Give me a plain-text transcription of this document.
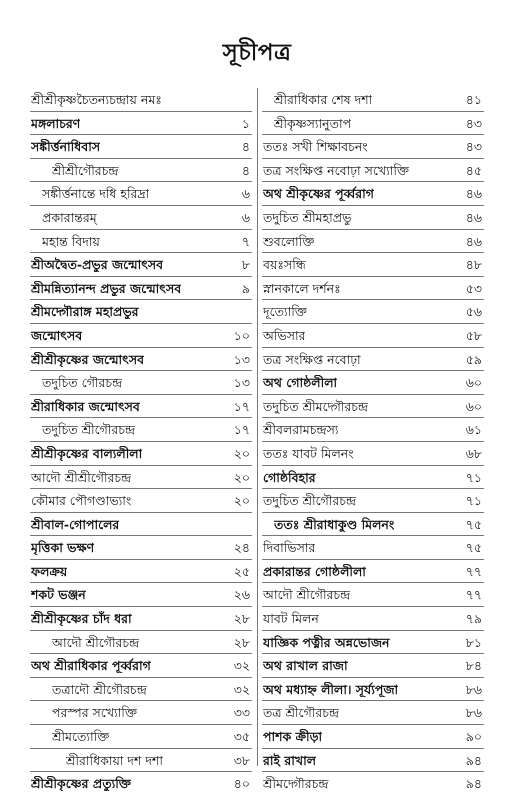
সূচীপত্র
শ্রীশ্রীকৃষ্ণচৈতন্যচন্দ্রায় নমঃ
মঙ্গলাচরণ	১
সঙ্কীর্ত্তনাধিবাস	৪
শ্রীশ্রীগৌরচন্দ্র	৪
সঙ্কীর্ত্তনান্তে দধি হরিদ্রা	৬
প্রকারান্তরম্	৬
মহান্ত বিদায়	৭
শ্রীঅদ্বৈত-প্রভুর জন্মোৎসব	৮
শ্রীমন্নিত্যানন্দ প্রভুর জন্মোৎসব	৯
শ্রীমদ্গৌরাঙ্গ মহাপ্রভুর
জন্মোৎসব	১০
শ্রীশ্রীকৃষ্ণের জন্মোৎসব	১৩
তদুচিত গৌরচন্দ্র	১৩
শ্রীরাধিকার জন্মোৎসব	১৭
তদুচিত শ্রীগৌরচন্দ্র	১৭
শ্রীশ্রীকৃষ্ণের বাল্যলীলা	২০
আদৌ শ্রীশ্রীগৌরচন্দ্র	২০
কৌমার পৌগণ্ডাভ্যাং	২০
শ্রীবাল-গোপালের
মৃত্তিকা ভক্ষণ	২৪
ফলক্রয়	২৫
শকট ভঞ্জন	২৬
শ্রীশ্রীকৃষ্ণের চাঁদ ধরা	২৮
আদৌ শ্রীগৌরচন্দ্র	২৮
অথ শ্রীরাধিকার পূর্ব্বরাগ	৩২
তত্রাদৌ শ্রীগৌরচন্দ্র	৩২
পরস্পর সখ্যোক্তি	৩৩
শ্রীমত্যোক্তি	৩৫
শ্রীরাধিকায়া দশ দশা	৩৮
শ্রীশ্রীকৃষ্ণের প্রত্যুক্তি	৪০
শ্রীরাধিকার শেষ দশা	৪১
শ্রীকৃষ্ণস্যানুতাপ	৪৩
ততঃ সখী শিক্ষাবচনং	৪৩
তত্র সংক্ষিপ্ত নবোঢ়া সখ্যোক্তি	৪৫
অথ শ্রীকৃষ্ণের পূর্ব্বরাগ	৪৬
তদুচিত শ্রীমহাপ্রভু	৪৬
শুবলোক্তি	৪৬
বয়ঃসন্ধি	৪৮
স্নানকালে দর্শনঃ	৫৩
দূত্যোক্তি	৫৬
অভিসার	৫৮
তত্র সংক্ষিপ্ত নবোঢ়া	৫৯
অথ গোষ্ঠলীলা	৬০
তদুচিত শ্রীমদ্গৌরচন্দ্র	৬০
শ্রীবলরামচন্দ্রস্য	৬১
ততঃ যাবট মিলনং	৬৮
গোষ্ঠবিহার	৭১
তদুচিত শ্রীগৌরচন্দ্র	৭১
ততঃ শ্রীরাধাকুণ্ড মিলনং	৭৫
দিবাভিসার	৭৫
প্রকারান্তর গোষ্ঠলীলা	৭৭
আদৌ শ্রীগৌরচন্দ্র	৭৭
যাবট মিলন	৭৯
যাজ্ঞিক পত্নীর অন্নভোজন	৮১
অথ রাখাল রাজা	৮৪
অথ মধ্যাহ্ন লীলা। সূর্য্যপূজা	৮৬
তত্র শ্রীগৌরচন্দ্র	৮৬
পাশক ক্রীড়া	৯০
রাই রাখাল	৯৪
শ্রীমদ্গৌরচন্দ্র	৯৪
